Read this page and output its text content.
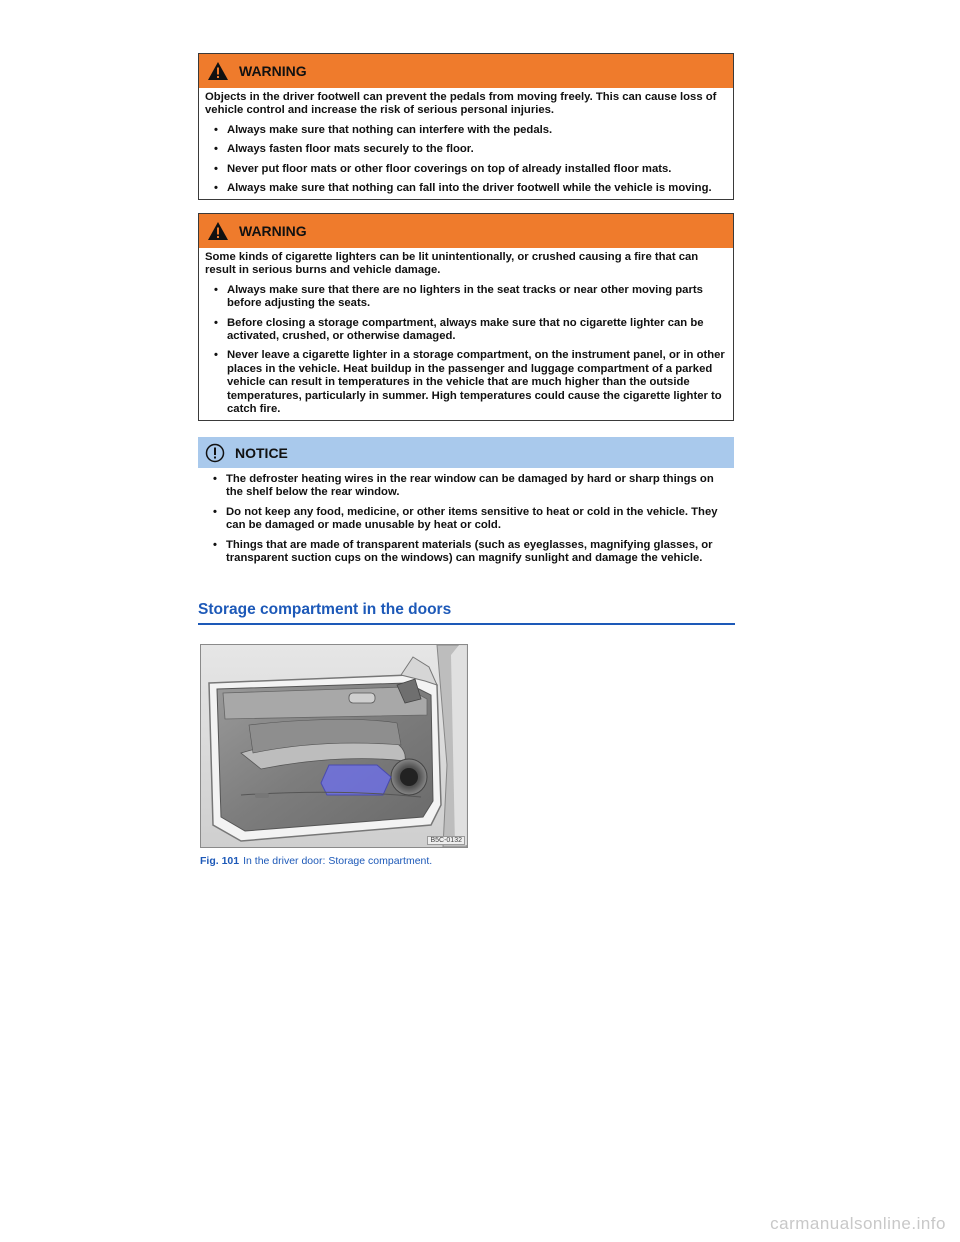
WARNING

Objects in the driver footwell can prevent the pedals from moving freely. This can cause loss of vehicle control and increase the risk of serious personal injuries.

• Always make sure that nothing can interfere with the pedals.

• Always fasten floor mats securely to the floor.

• Never put floor mats or other floor coverings on top of already installed floor mats.

• Always make sure that nothing can fall into the driver footwell while the vehicle is moving.

WARNING

Some kinds of cigarette lighters can be lit unintentionally, or crushed causing a fire that can result in serious burns and vehicle damage.

• Always make sure that there are no lighters in the seat tracks or near other moving parts before adjusting the seats.

• Before closing a storage compartment, always make sure that no cigarette lighter can be activated, crushed, or otherwise damaged.

• Never leave a cigarette lighter in a storage compartment, on the instrument panel, or in other places in the vehicle. Heat buildup in the passenger and luggage compartment of a parked vehicle can result in temperatures in the vehicle that are much higher than the outside temperatures, particularly in summer. High temperatures could cause the cigarette lighter to catch fire.

NOTICE

• The defroster heating wires in the rear window can be damaged by hard or sharp things on the shelf below the rear window.

• Do not keep any food, medicine, or other items sensitive to heat or cold in the vehicle. They can be damaged or made unusable by heat or cold.

• Things that are made of transparent materials (such as eyeglasses, magnifying glasses, or transparent suction cups on the windows) can magnify sunlight and damage the vehicle.

Storage compartment in the doors
B5C-0132
Fig. 101 In the driver door: Storage compartment.
carmanualsonline.info
